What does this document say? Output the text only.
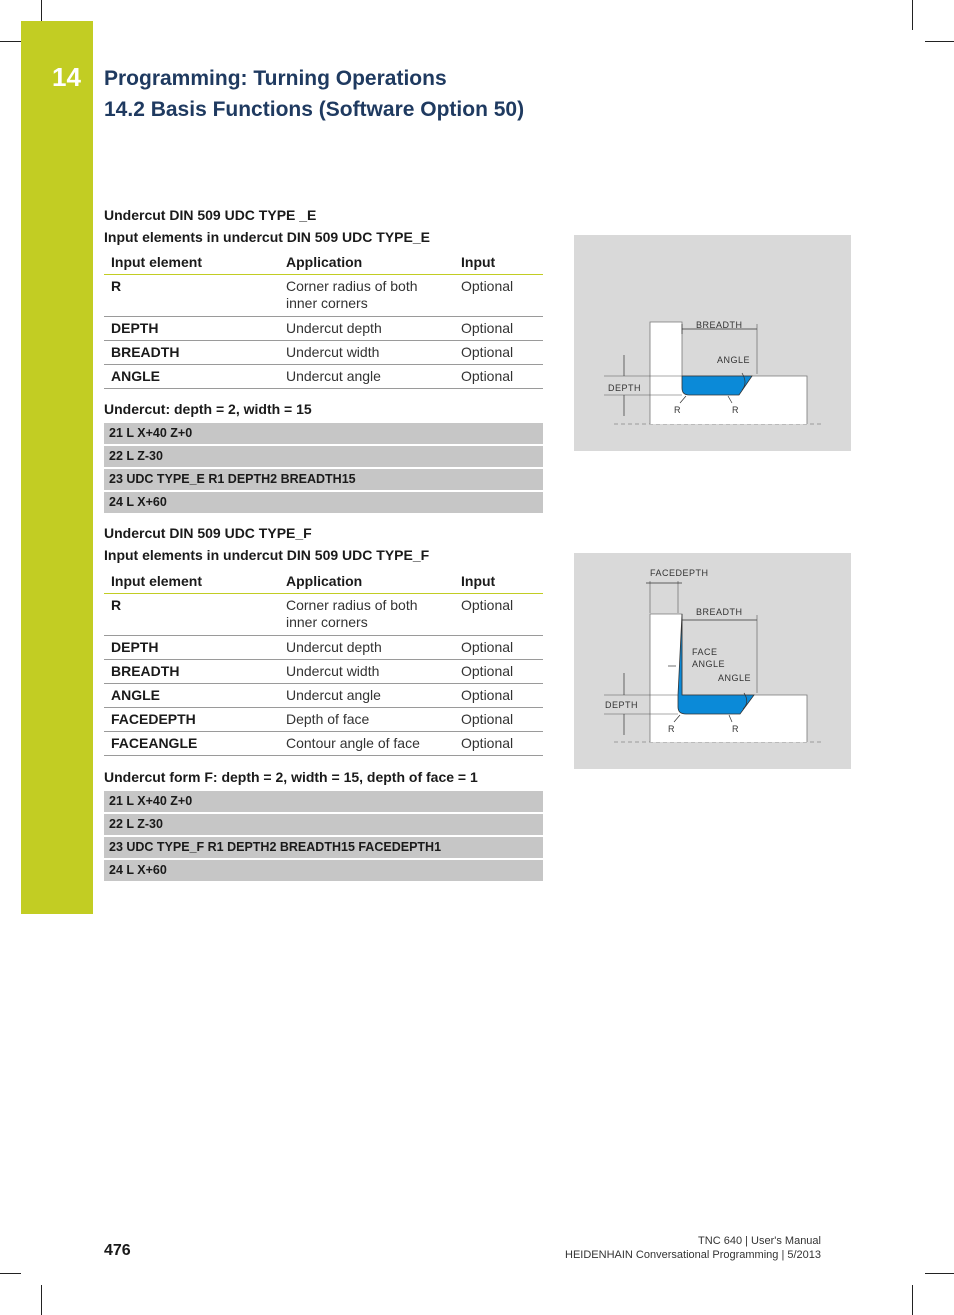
14 Programming: Turning Operations
14.2 Basis Functions (Software Option 50)
Undercut DIN 509 UDC TYPE _E
Input elements in undercut DIN 509 UDC TYPE_E
Input element	Application	Input
R	Corner radius of both inner corners	Optional
DEPTH	Undercut depth	Optional
BREADTH	Undercut width	Optional
ANGLE	Undercut angle	Optional
Undercut: depth = 2, width = 15
21 L X+40 Z+0
22 L Z-30
23 UDC TYPE_E R1 DEPTH2 BREADTH15
24 L X+60
Undercut DIN 509 UDC TYPE_F
Input elements in undercut DIN 509 UDC TYPE_F
Input element	Application	Input
R	Corner radius of both inner corners	Optional
DEPTH	Undercut depth	Optional
BREADTH	Undercut width	Optional
ANGLE	Undercut angle	Optional
FACEDEPTH	Depth of face	Optional
FACEANGLE	Contour angle of face	Optional
Undercut form F: depth = 2, width = 15, depth of face = 1
21 L X+40 Z+0
22 L Z-30
23 UDC TYPE_F R1 DEPTH2 BREADTH15 FACEDEPTH1
24 L X+60
BREADTH
ANGLE
DEPTH
R	R
FACEDEPTH
BREADTH
FACE
ANGLE
ANGLE
DEPTH
R	R
476
TNC 640 | User's Manual
HEIDENHAIN Conversational Programming | 5/2013
